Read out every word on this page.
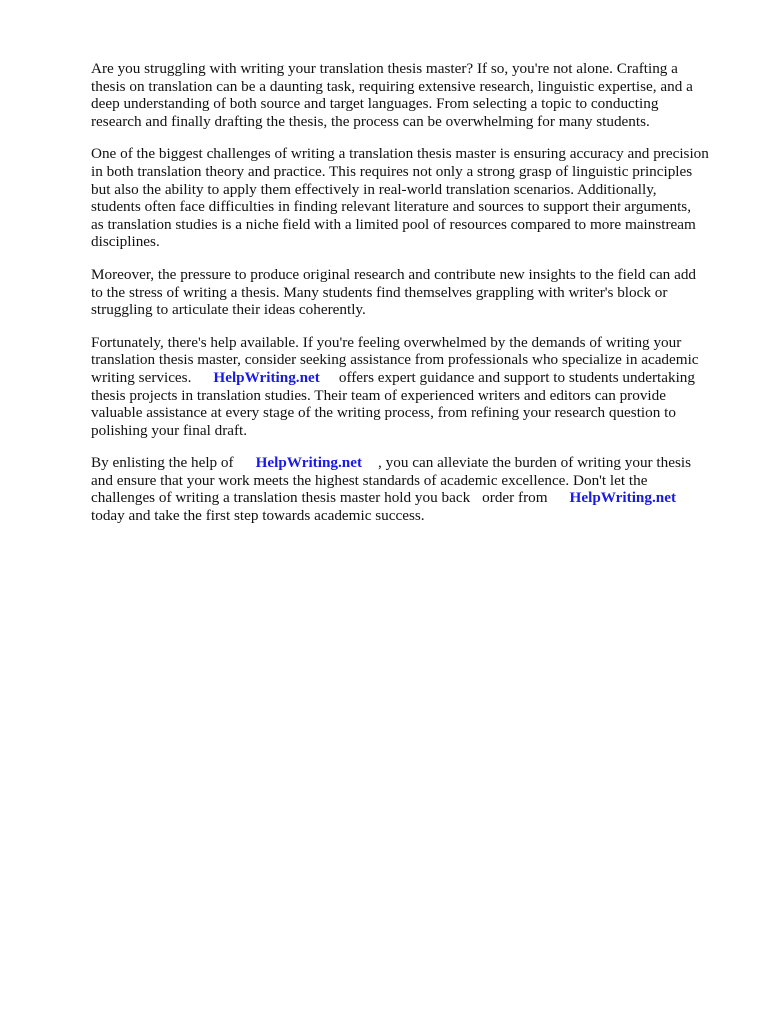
Are you struggling with writing your translation thesis master? If so, you're not alone. Crafting a
thesis on translation can be a daunting task, requiring extensive research, linguistic expertise, and a
deep understanding of both source and target languages. From selecting a topic to conducting
research and finally drafting the thesis, the process can be overwhelming for many students.

One of the biggest challenges of writing a translation thesis master is ensuring accuracy and precision
in both translation theory and practice. This requires not only a strong grasp of linguistic principles
but also the ability to apply them effectively in real-world translation scenarios. Additionally,
students often face difficulties in finding relevant literature and sources to support their arguments,
as translation studies is a niche field with a limited pool of resources compared to more mainstream
disciplines.

Moreover, the pressure to produce original research and contribute new insights to the field can add
to the stress of writing a thesis. Many students find themselves grappling with writer's block or
struggling to articulate their ideas coherently.

Fortunately, there's help available. If you're feeling overwhelmed by the demands of writing your
translation thesis master, consider seeking assistance from professionals who specialize in academic
writing services. HelpWriting.net offers expert guidance and support to students undertaking
thesis projects in translation studies. Their team of experienced writers and editors can provide
valuable assistance at every stage of the writing process, from refining your research question to
polishing your final draft.

By enlisting the help of HelpWriting.net , you can alleviate the burden of writing your thesis
and ensure that your work meets the highest standards of academic excellence. Don't let the
challenges of writing a translation thesis master hold you back order from HelpWriting.net
today and take the first step towards academic success.
